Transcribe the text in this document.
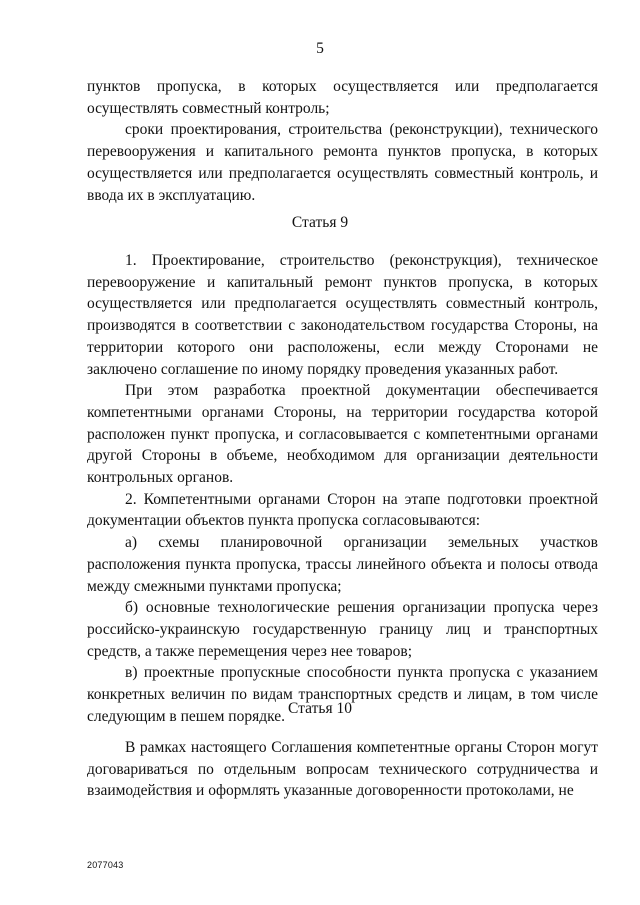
5

пунктов пропуска, в которых осуществляется или предполагается осуществлять совместный контроль;

сроки проектирования, строительства (реконструкции), технического перевооружения и капитального ремонта пунктов пропуска, в которых осуществляется или предполагается осуществлять совместный контроль, и ввода их в эксплуатацию.

Статья 9

1. Проектирование, строительство (реконструкция), техническое перевооружение и капитальный ремонт пунктов пропуска, в которых осуществляется или предполагается осуществлять совместный контроль, производятся в соответствии с законодательством государства Стороны, на территории которого они расположены, если между Сторонами не заключено соглашение по иному порядку проведения указанных работ.

При этом разработка проектной документации обеспечивается компетентными органами Стороны, на территории государства которой расположен пункт пропуска, и согласовывается с компетентными органами другой Стороны в объеме, необходимом для организации деятельности контрольных органов.

2. Компетентными органами Сторон на этапе подготовки проектной документации объектов пункта пропуска согласовываются:

а) схемы планировочной организации земельных участков расположения пункта пропуска, трассы линейного объекта и полосы отвода между смежными пунктами пропуска;

б) основные технологические решения организации пропуска через российско-украинскую государственную границу лиц и транспортных средств, а также перемещения через нее товаров;

в) проектные пропускные способности пункта пропуска с указанием конкретных величин по видам транспортных средств и лицам, в том числе следующим в пешем порядке. Статья 10

В рамках настоящего Соглашения компетентные органы Сторон могут договариваться по отдельным вопросам технического сотрудничества и взаимодействия и оформлять указанные договоренности протоколами, не

2077043
